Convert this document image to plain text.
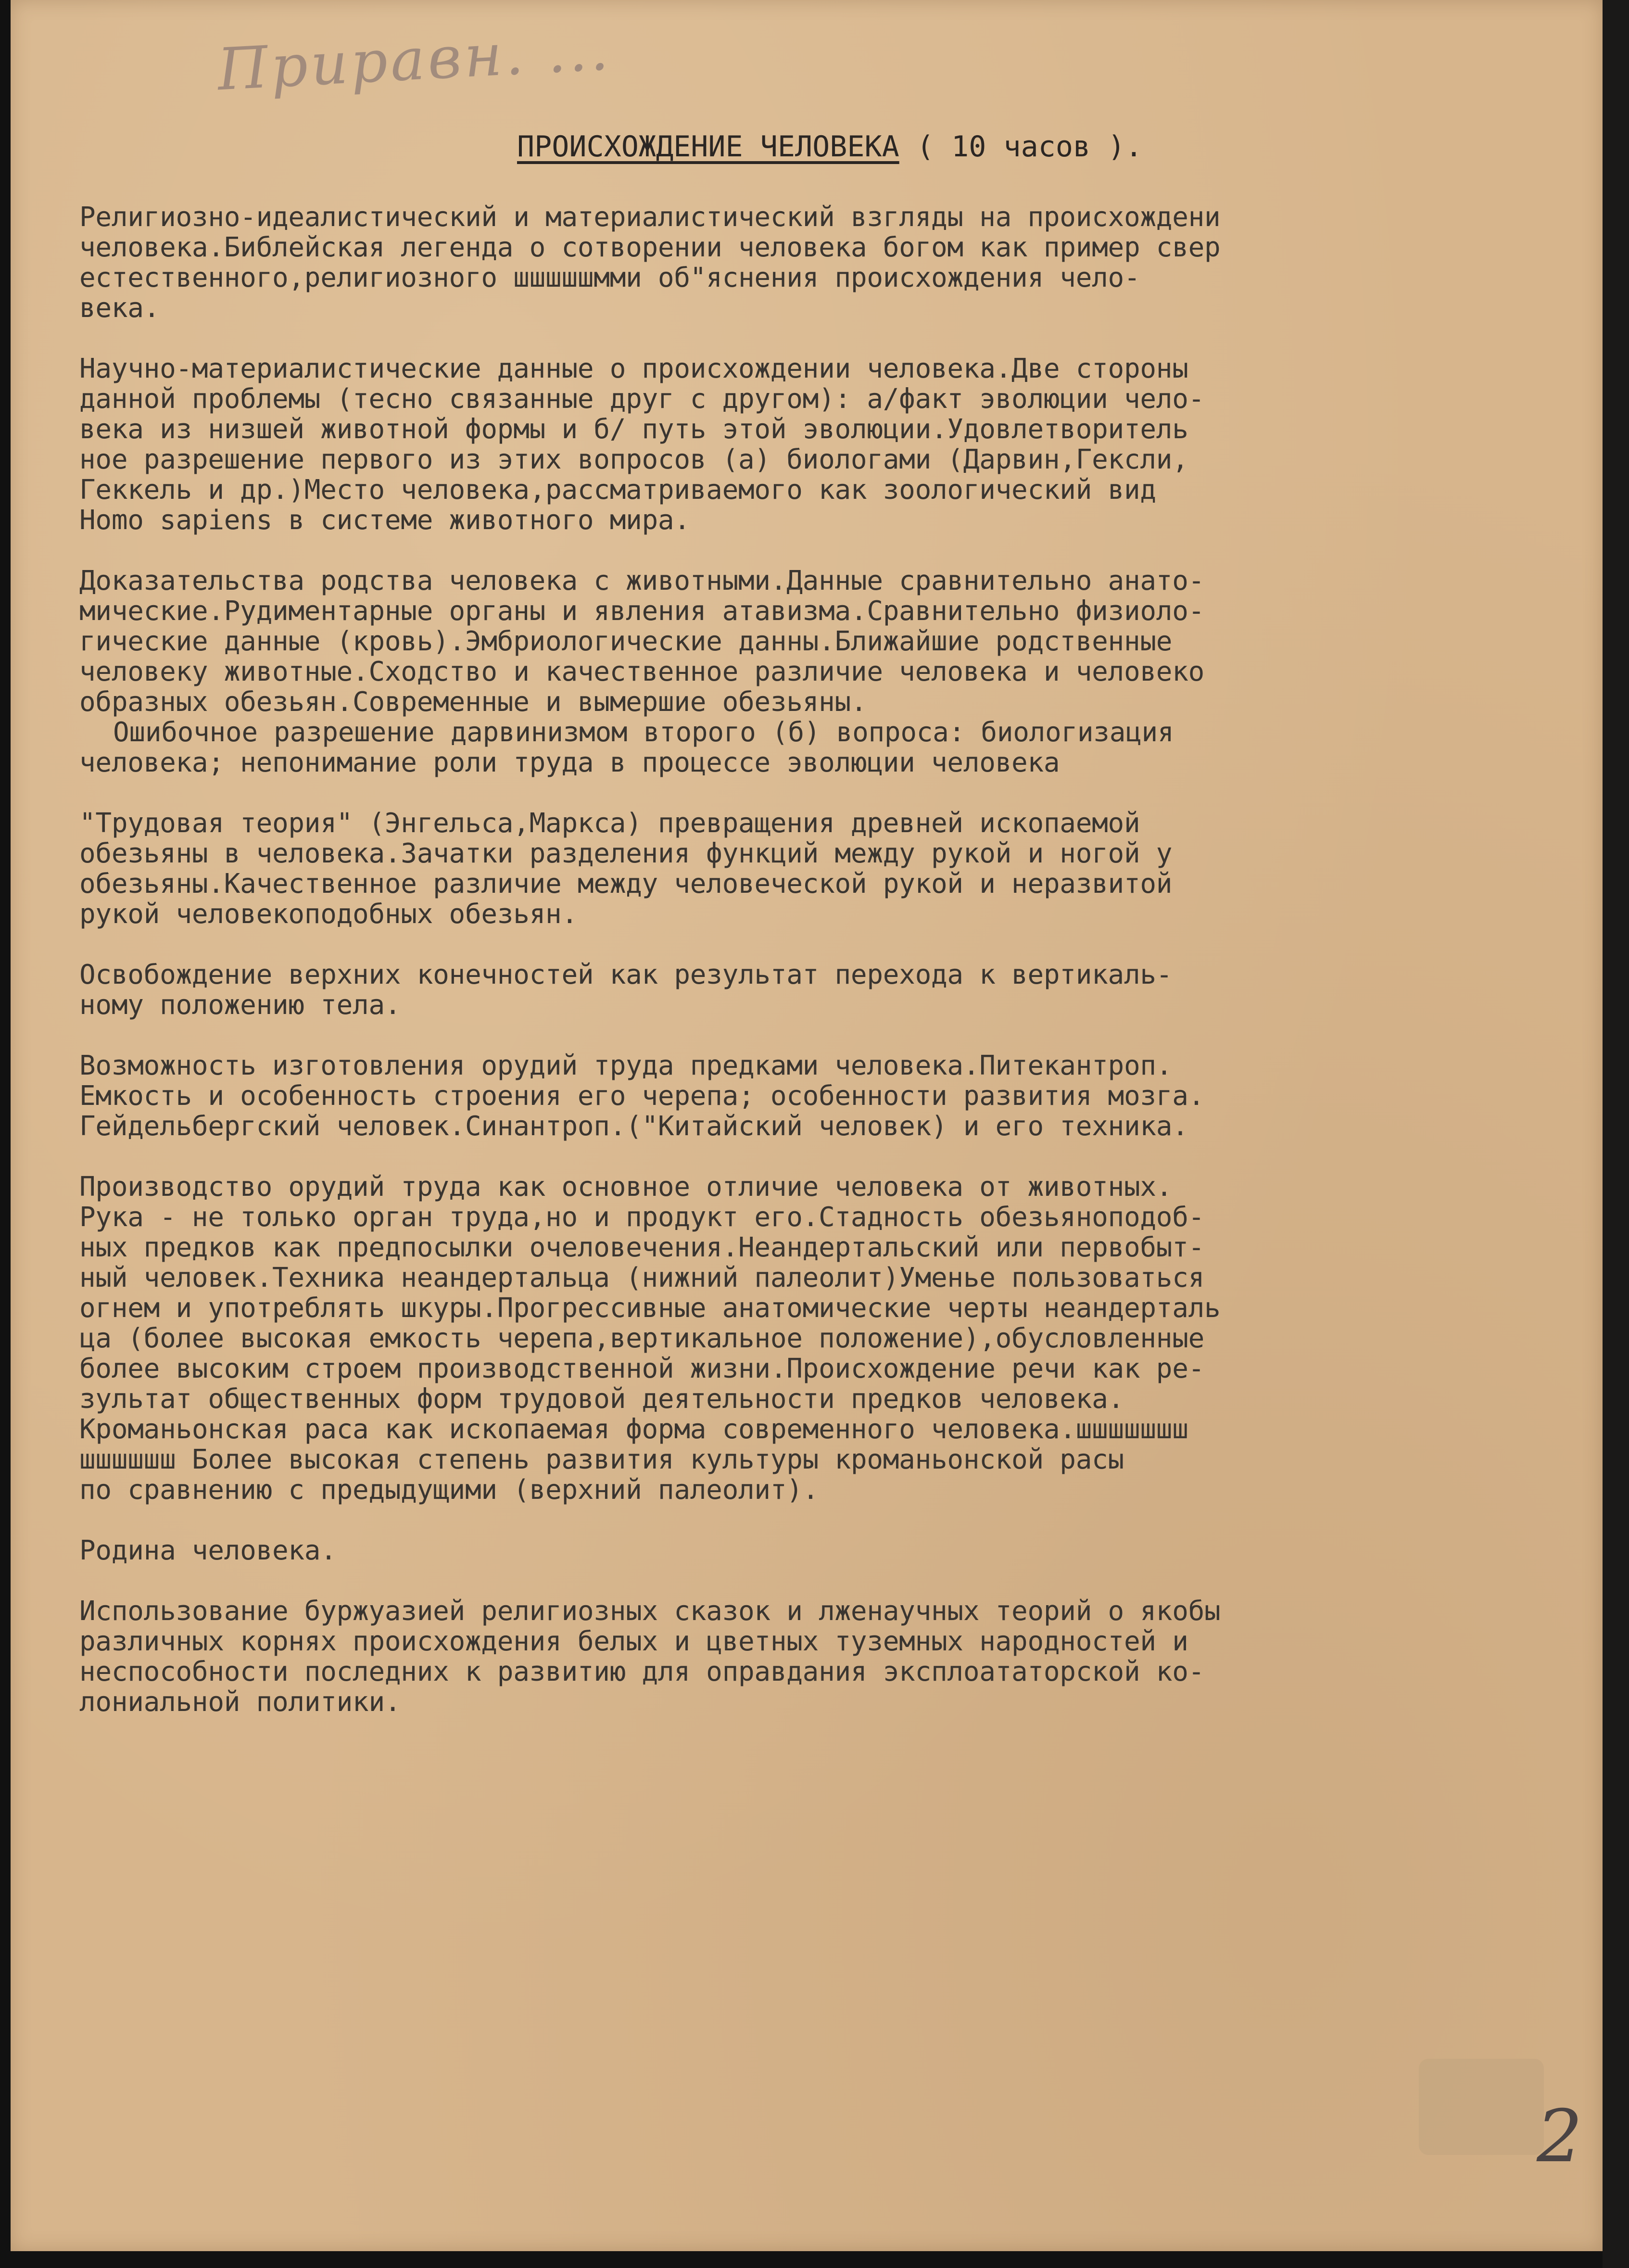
Приравн. ...
ПРОИСХОЖДЕНИЕ ЧЕЛОВЕКА ( 10 часов ).

Религиозно-идеалистический и материалистический взгляды на происхождени
человека.Библейская легенда о сотворении человека богом как пример свер
естественного,религиозного шшшшшмми об"яснения происхождения чело-
века.

Научно-материалистические данные о происхождении человека.Две стороны
данной проблемы (тесно связанные друг с другом): а/факт эволюции чело-
века из низшей животной формы и б/ путь этой эволюции.Удовлетворитель
ное разрешение первого из этих вопросов (а) биологами (Дарвин,Гексли,
Геккель и др.)Место человека,рассматриваемого как зоологический вид
Homo sapiens в системе животного мира.

Доказательства родства человека с животными.Данные сравнительно анато-
мические.Рудиментарные органы и явления атавизма.Сравнительно физиоло-
гические данные (кровь).Эмбриологические данны.Ближайшие родственные
человеку животные.Сходство и качественное различие человека и человеко
образных обезьян.Современные и вымершие обезьяны.

Ошибочное разрешение дарвинизмом второго (б) вопроса: биологизация
человека; непонимание роли труда в процессе эволюции человека

"Трудовая теория" (Энгельса,Маркса) превращения древней ископаемой
обезьяны в человека.Зачатки разделения функций между рукой и ногой у
обезьяны.Качественное различие между человеческой рукой и неразвитой
рукой человекоподобных обезьян.

Освобождение верхних конечностей как результат перехода к вертикаль-
ному положению тела.

Возможность изготовления орудий труда предками человека.Питекантроп.
Емкость и особенность строения его черепа; особенности развития мозга.
Гейдельбергский человек.Синантроп.("Китайский человек) и его техника.

Производство орудий труда как основное отличие человека от животных.
Рука - не только орган труда,но и продукт его.Стадность обезьяноподоб-
ных предков как предпосылки очеловечения.Неандертальский или первобыт-
ный человек.Техника неандертальца (нижний палеолит)Уменье пользоваться
огнем и употреблять шкуры.Прогрессивные анатомические черты неандерталь
ца (более высокая емкость черепа,вертикальное положение),обусловленные
более высоким строем производственной жизни.Происхождение речи как ре-
зультат общественных форм трудовой деятельности предков человека.
Кроманьонская раса как ископаемая форма современного человека.шшшшшшш
шшшшшш Более высокая степень развития культуры кроманьонской расы
по сравнению с предыдущими (верхний палеолит).

Родина человека.

Использование буржуазией религиозных сказок и лженаучных теорий о якобы
различных корнях происхождения белых и цветных туземных народностей и
неспособности последних к развитию для оправдания эксплоататорской ко-
лониальной политики.

2
